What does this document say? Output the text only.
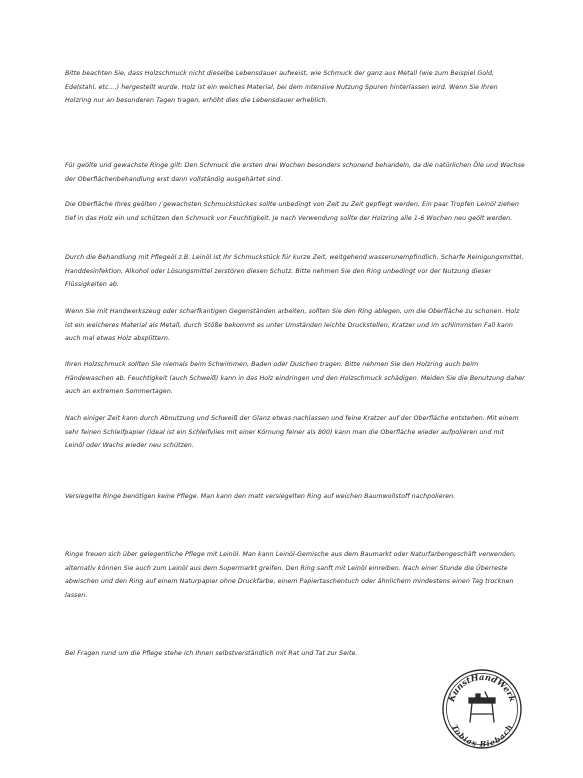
Bitte beachten Sie, dass Holzschmuck nicht dieselbe Lebensdauer aufweist, wie Schmuck der ganz aus Metall (wie zum Beispiel Gold, Edelstahl, etc....) hergestellt wurde. Holz ist ein weiches Material, bei dem intensive Nutzung Spuren hinterlassen wird. Wenn Sie Ihren Holzring nur an besonderen Tagen tragen, erhöht dies die Lebensdauer erheblich.

Für geölte und gewachste Ringe gilt: Den Schmuck die ersten drei Wochen besonders schonend behandeln, da die natürlichen Öle und Wachse der Oberflächenbehandlung erst dann vollständig ausgehärtet sind.

Die Oberfläche Ihres geölten / gewachsten Schmuckstückes sollte unbedingt von Zeit zu Zeit gepflegt werden. Ein paar Tropfen Leinöl ziehen tief in das Holz ein und schützen den Schmuck vor Feuchtigkeit. Je nach Verwendung sollte der Holzring alle 1-6 Wochen neu geölt werden.

Durch die Behandlung mit Pflegeöl z.B. Leinöl ist Ihr Schmuckstück für kurze Zeit, weitgehend wasserunempfindlich. Scharfe Reinigungsmittel, Handdesinfektion, Alkohol oder Lösungsmittel zerstören diesen Schutz. Bitte nehmen Sie den Ring unbedingt vor der Nutzung dieser Flüssigkeiten ab.

Wenn Sie mit Handwerkszeug oder scharfkantigen Gegenständen arbeiten, sollten Sie den Ring ablegen, um die Oberfläche zu schonen. Holz ist ein weicheres Material als Metall, durch Stöße bekommt es unter Umständen leichte Druckstellen, Kratzer und im schlimmsten Fall kann auch mal etwas Holz absplittern.

Ihren Holzschmuck sollten Sie niemals beim Schwimmen, Baden oder Duschen tragen. Bitte nehmen Sie den Holzring auch beim Händewaschen ab. Feuchtigkeit (auch Schweiß) kann in das Holz eindringen und den Holzschmuck schädigen. Meiden Sie die Benutzung daher auch an extremen Sommertagen.

Nach einiger Zeit kann durch Abnutzung und Schweiß der Glanz etwas nachlassen und feine Kratzer auf der Oberfläche entstehen. Mit einem sehr feinen Schleifpapier (ideal ist ein Schleifvlies mit einer Körnung feiner als 800) kann man die Oberfläche wieder aufpolieren und mit Leinöl oder Wachs wieder neu schützen.

Versiegelte Ringe benötigen keine Pflege. Man kann den matt versiegelten Ring auf weichen Baumwollstoff nachpolieren.

Ringe freuen sich über gelegentliche Pflege mit Leinöl. Man kann Leinöl-Gemische aus dem Baumarkt oder Naturfarbengeschäft verwenden, alternativ können Sie auch zum Leinöl aus dem Supermarkt greifen. Den Ring sanft mit Leinöl einreiben. Nach einer Stunde die Überreste abwischen und den Ring auf einem Naturpapier ohne Druckfarbe, einem Papiertaschentuch oder ähnlichem mindestens einen Tag trocknen lassen.

Bei Fragen rund um die Pflege stehe ich Ihnen selbstverständlich mit Rat und Tat zur Seite.

KunstHandWerk
Tobias Biebach
